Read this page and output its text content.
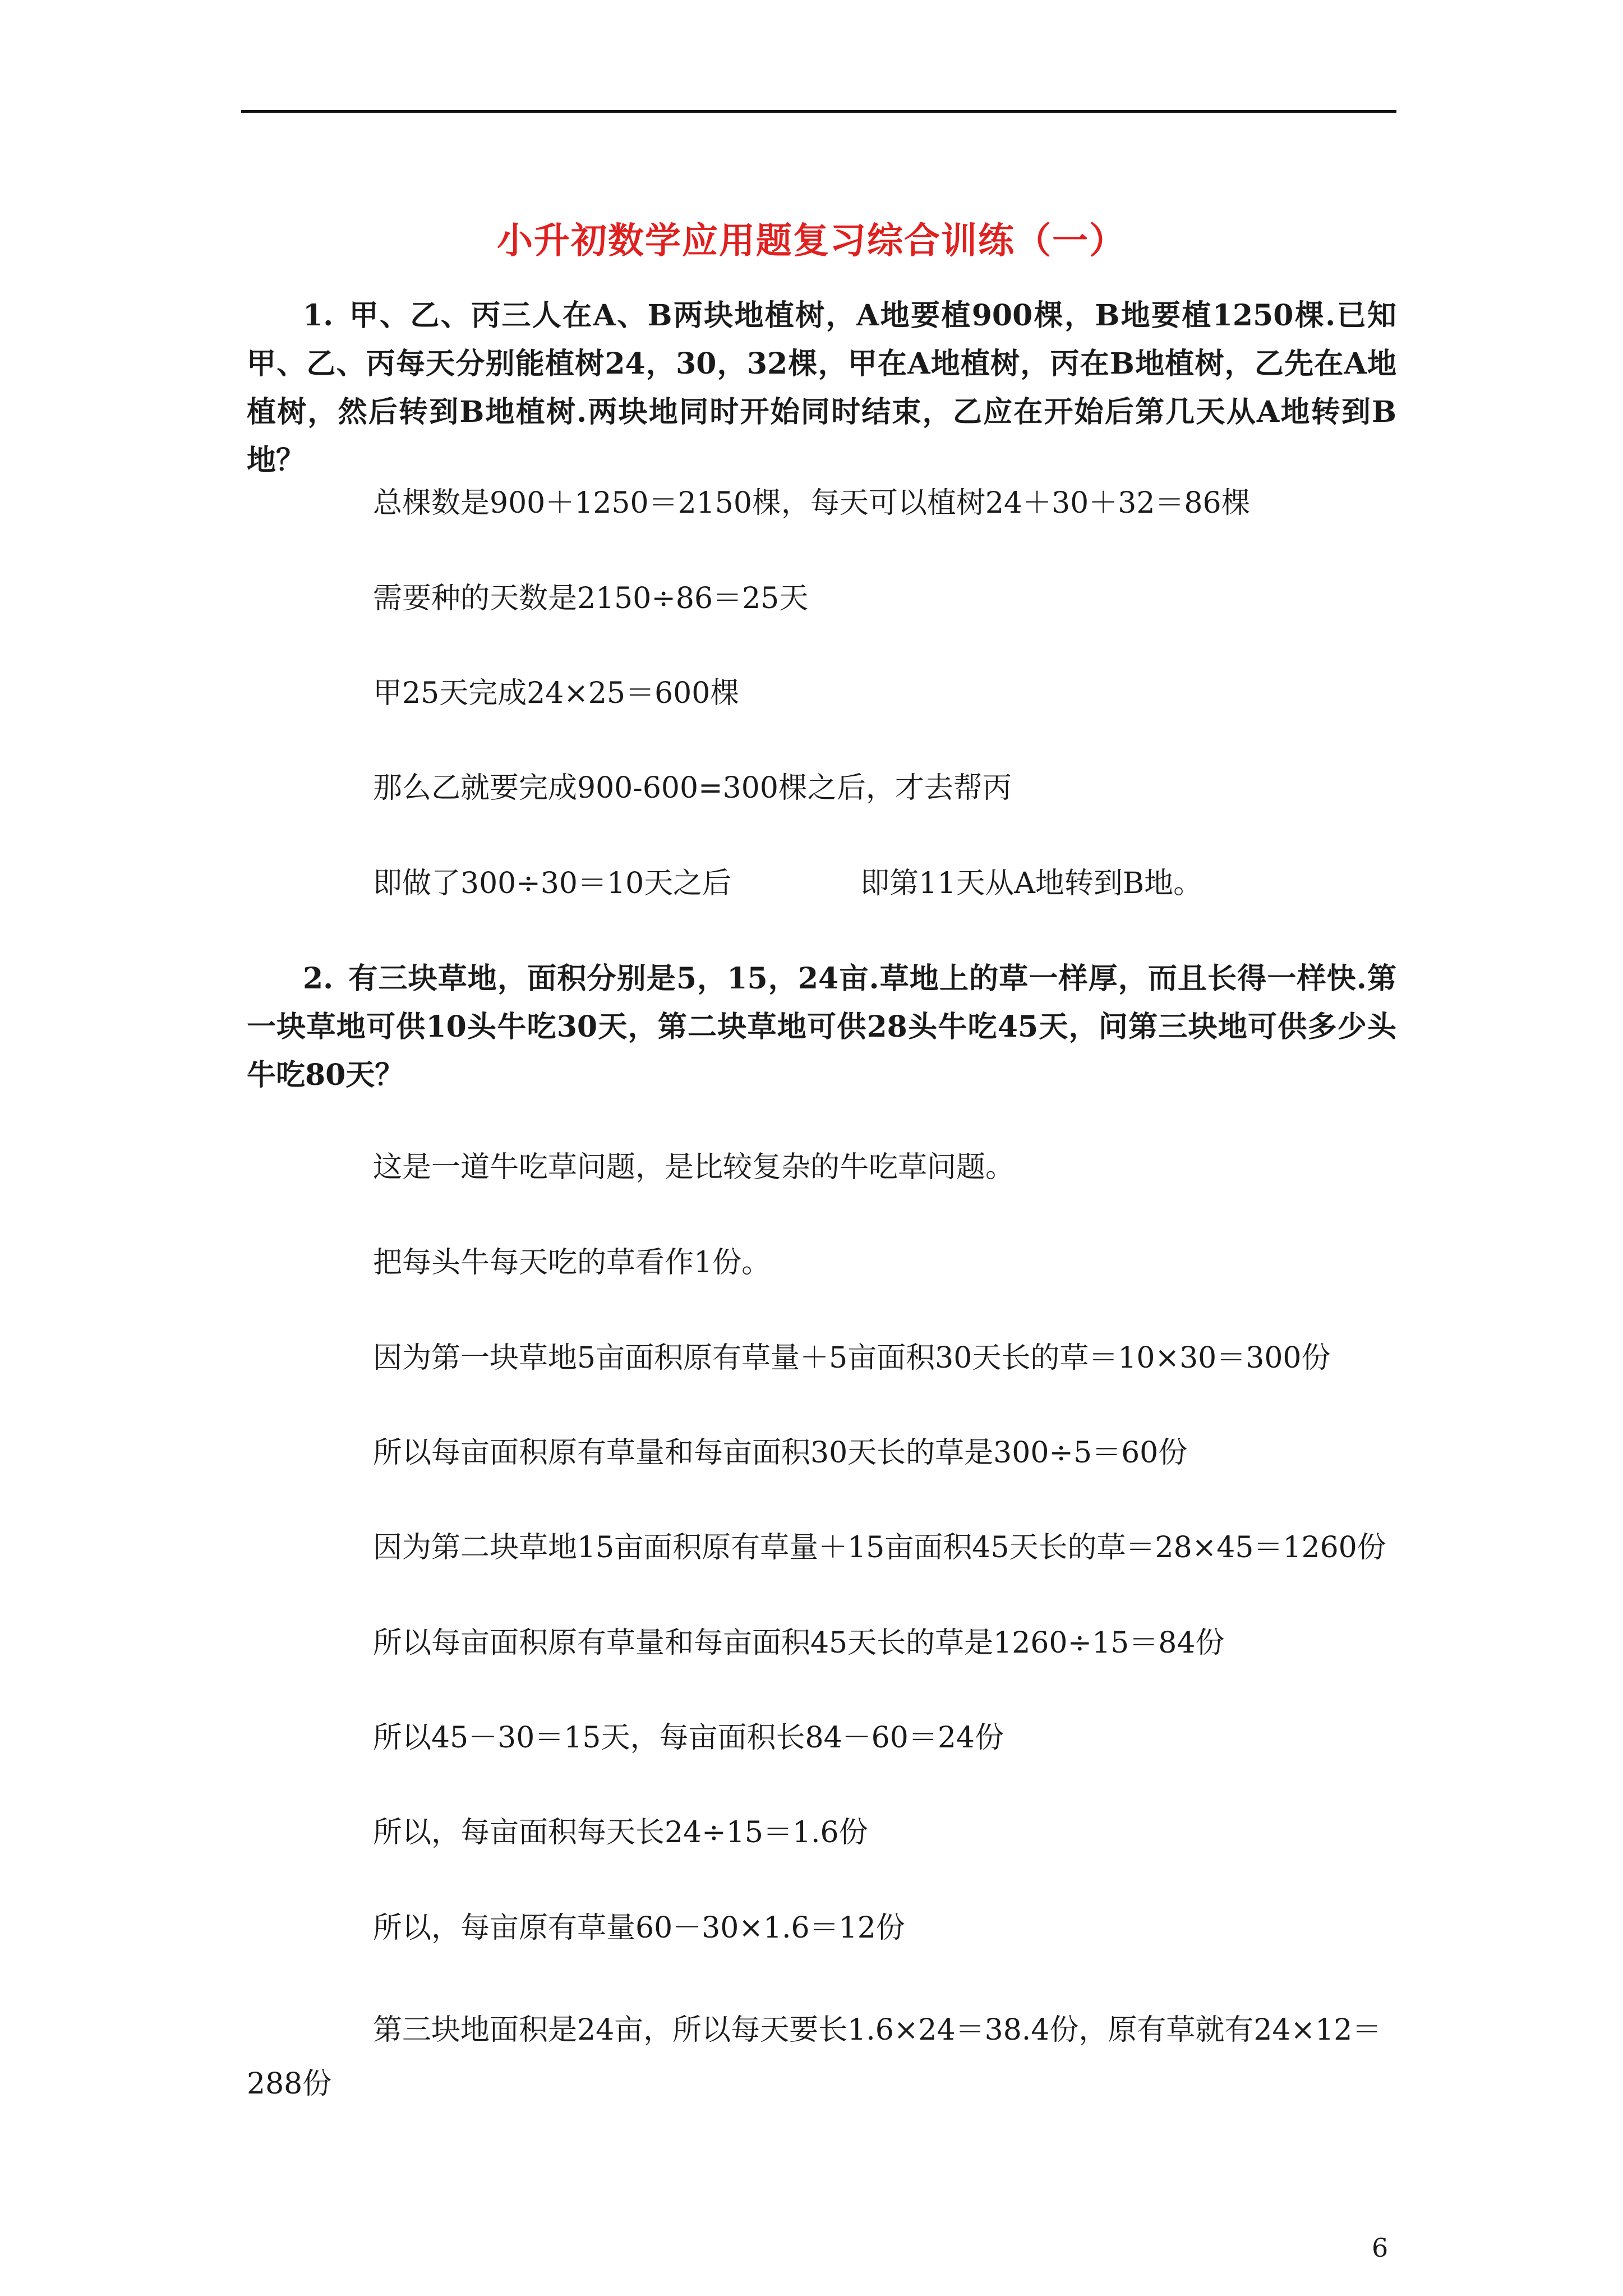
小升初数学应用题复习综合训练（一）
1. 甲、乙、丙三人在A、B两块地植树，A地要植900棵，B地要植1250棵.已知甲、乙、丙每天分别能植树24，30，32棵，甲在A地植树，丙在B地植树，乙先在A地植树，然后转到B地植树.两块地同时开始同时结束，乙应在开始后第几天从A地转到B地？
总棵数是900＋1250＝2150棵，每天可以植树24＋30＋32＝86棵
需要种的天数是2150÷86＝25天
甲25天完成24×25＝600棵
那么乙就要完成900-600=300棵之后，才去帮丙
即做了300÷30＝10天之后	即第11天从A地转到B地。
2. 有三块草地，面积分别是5，15，24亩.草地上的草一样厚，而且长得一样快.第一块草地可供10头牛吃30天，第二块草地可供28头牛吃45天，问第三块地可供多少头牛吃80天？
这是一道牛吃草问题，是比较复杂的牛吃草问题。
把每头牛每天吃的草看作1份。
因为第一块草地5亩面积原有草量＋5亩面积30天长的草＝10×30＝300份
所以每亩面积原有草量和每亩面积30天长的草是300÷5＝60份
因为第二块草地15亩面积原有草量＋15亩面积45天长的草＝28×45＝1260份
所以每亩面积原有草量和每亩面积45天长的草是1260÷15＝84份
所以45－30＝15天，每亩面积长84－60＝24份
所以，每亩面积每天长24÷15＝1.6份
所以，每亩原有草量60－30×1.6＝12份
第三块地面积是24亩，所以每天要长1.6×24＝38.4份，原有草就有24×12＝288份
6
